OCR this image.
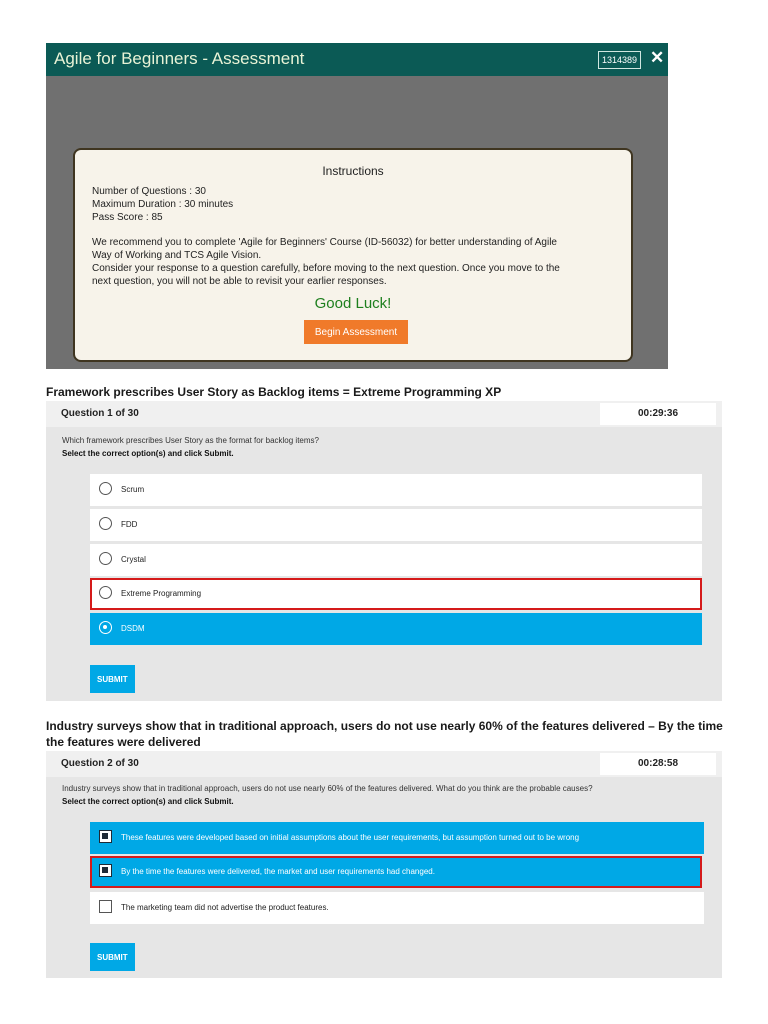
Agile for Beginners - Assessment	1314389 ✕
Instructions
Number of Questions : 30
Maximum Duration : 30 minutes
Pass Score : 85
We recommend you to complete 'Agile for Beginners' Course (ID-56032) for better understanding of Agile
Way of Working and TCS Agile Vision.
Consider your response to a question carefully, before moving to the next question. Once you move to the
next question, you will not be able to revisit your earlier responses.
Good Luck!
Begin Assessment
Framework prescribes User Story as Backlog items = Extreme Programming XP
Question 1 of 30	00:29:36
Which framework prescribes User Story as the format for backlog items?
Select the correct option(s) and click Submit.
Scrum
FDD
Crystal
Extreme Programming
DSDM
SUBMIT
Industry surveys show that in traditional approach, users do not use nearly 60% of the features delivered – By the time the features were delivered
Question 2 of 30	00:28:58
Industry surveys show that in traditional approach, users do not use nearly 60% of the features delivered. What do you think are the probable causes?
Select the correct option(s) and click Submit.
These features were developed based on initial assumptions about the user requirements, but assumption turned out to be wrong
By the time the features were delivered, the market and user requirements had changed.
The marketing team did not advertise the product features.
SUBMIT
